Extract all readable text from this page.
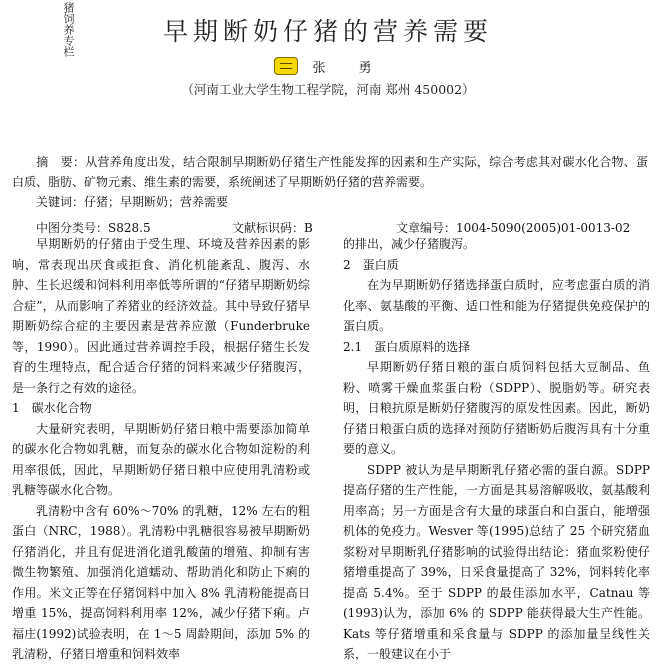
猪饲养专栏	早期断奶仔猪的营养需要
张　勇
（河南工业大学生物工程学院，河南 郑州 450002）

摘　要：从营养角度出发，结合限制早期断奶仔猪生产性能发挥的因素和生产实际，综合考虑其对碳水化合物、蛋白质、脂肪、矿物元素、维生素的需要，系统阐述了早期断奶仔猪的营养需要。

关键词：仔猪；早期断奶；营养需要
中图分类号：S828.5	文献标识码：B	文章编号：1004-5090(2005)01-0013-02

早期断奶的仔猪由于受生理、环境及营养因素的影响，常表现出厌食或拒食、消化机能紊乱、腹泻、水肿、生长迟缓和饲料利用率低等所谓的“仔猪早期断奶综合症”，从而影响了养猪业的经济效益。其中导致仔猪早期断奶综合症的主要因素是营养应激（Funderbruke 等，1990）。因此通过营养调控手段，根据仔猪生长发育的生理特点，配合适合仔猪的饲料来减少仔猪腹泻，是一条行之有效的途径。

1　碳水化合物

大量研究表明，早期断奶仔猪日粮中需要添加简单的碳水化合物如乳糖，而复杂的碳水化合物如淀粉的利用率很低，因此，早期断奶仔猪日粮中应使用乳清粉或乳糖等碳水化合物。

乳清粉中含有 60%～70% 的乳糖，12% 左右的粗蛋白（NRC，1988）。乳清粉中乳糖很容易被早期断奶仔猪消化，并且有促进消化道乳酸菌的增殖、抑制有害微生物繁殖、加强消化道蠕动、帮助消化和防止下痢的作用。米文正等在仔猪饲料中加入 8% 乳清粉能提高日增重 15%，提高饲料利用率 12%，减少仔猪下痢。卢福庄(1992)试验表明，在 1～5 周龄期间，添加 5% 的乳清粉，仔猪日增重和饲料效率

的排出，减少仔猪腹泻。

2　蛋白质

在为早期断奶仔猪选择蛋白质时，应考虑蛋白质的消化率、氨基酸的平衡、适口性和能为仔猪提供免疫保护的蛋白质。

2.1　蛋白质原料的选择

早期断奶仔猪日粮的蛋白质饲料包括大豆制品、鱼粉、喷雾干燥血浆蛋白粉（SDPP）、脱脂奶等。研究表明，日粮抗原是断奶仔猪腹泻的原发性因素。因此，断奶仔猪日粮蛋白质的选择对预防仔猪断奶后腹泻具有十分重要的意义。

SDPP 被认为是早期断乳仔猪必需的蛋白源。SDPP 提高仔猪的生产性能，一方面是其易溶解吸收，氨基酸利用率高；另一方面是含有大量的球蛋白和白蛋白，能增强机体的免疫力。Wesver 等(1995)总结了 25 个研究猪血浆粉对早期断乳仔猪影响的试验得出结论：猪血浆粉使仔猪增重提高了 39%，日采食量提高了 32%，饲料转化率提高 5.4%。至于 SDPP 的最佳添加水平，Catnau 等(1993)认为，添加 6% 的 SDPP 能获得最大生产性能。Kats 等仔猪增重和采食量与 SDPP 的添加量呈线性关系，一般建议在小于
